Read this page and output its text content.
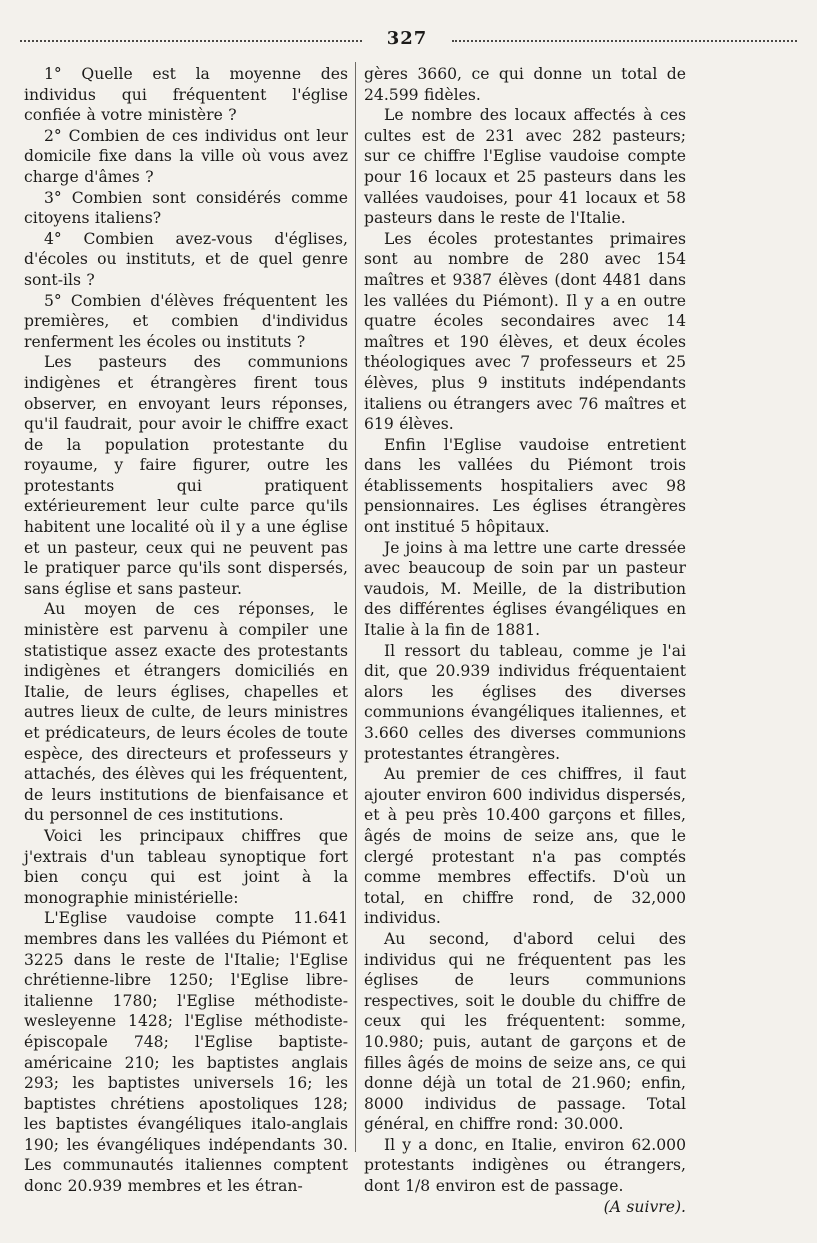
327

1° Quelle est la moyenne des individus qui fréquentent l'église confiée à votre ministère ?

2° Combien de ces individus ont leur domicile fixe dans la ville où vous avez charge d'âmes ?

3° Combien sont considérés comme citoyens italiens?

4° Combien avez-vous d'églises, d'écoles ou instituts, et de quel genre sont-ils ?

5° Combien d'élèves fréquentent les premières, et combien d'individus renferment les écoles ou instituts ?

Les pasteurs des communions indigènes et étrangères firent tous observer, en envoyant leurs réponses, qu'il faudrait, pour avoir le chiffre exact de la population protestante du royaume, y faire figurer, outre les protestants qui pratiquent extérieurement leur culte parce qu'ils habitent une localité où il y a une église et un pasteur, ceux qui ne peuvent pas le pratiquer parce qu'ils sont dispersés, sans église et sans pasteur.

Au moyen de ces réponses, le ministère est parvenu à compiler une statistique assez exacte des protestants indigènes et étrangers domiciliés en Italie, de leurs églises, chapelles et autres lieux de culte, de leurs ministres et prédicateurs, de leurs écoles de toute espèce, des directeurs et professeurs y attachés, des élèves qui les fréquentent, de leurs institutions de bienfaisance et du personnel de ces institutions.

Voici les principaux chiffres que j'extrais d'un tableau synoptique fort bien conçu qui est joint à la monographie ministérielle:

L'Eglise vaudoise compte 11.641 membres dans les vallées du Piémont et 3225 dans le reste de l'Italie; l'Eglise chrétienne-libre 1250; l'Eglise libre-italienne 1780; l'Eglise méthodiste-wesleyenne 1428; l'Eglise méthodiste-épiscopale 748; l'Eglise baptiste-américaine 210; les baptistes anglais 293; les baptistes universels 16; les baptistes chrétiens apostoliques 128; les baptistes évangéliques italo-anglais 190; les évangéliques indépendants 30. Les communautés italiennes comptent donc 20.939 membres et les étran-

gères 3660, ce qui donne un total de 24.599 fidèles.

Le nombre des locaux affectés à ces cultes est de 231 avec 282 pasteurs; sur ce chiffre l'Eglise vaudoise compte pour 16 locaux et 25 pasteurs dans les vallées vaudoises, pour 41 locaux et 58 pasteurs dans le reste de l'Italie.

Les écoles protestantes primaires sont au nombre de 280 avec 154 maîtres et 9387 élèves (dont 4481 dans les vallées du Piémont). Il y a en outre quatre écoles secondaires avec 14 maîtres et 190 élèves, et deux écoles théologiques avec 7 professeurs et 25 élèves, plus 9 instituts indépendants italiens ou étrangers avec 76 maîtres et 619 élèves.

Enfin l'Eglise vaudoise entretient dans les vallées du Piémont trois établissements hospitaliers avec 98 pensionnaires. Les églises étrangères ont institué 5 hôpitaux.

Je joins à ma lettre une carte dressée avec beaucoup de soin par un pasteur vaudois, M. Meille, de la distribution des différentes églises évangéliques en Italie à la fin de 1881.

Il ressort du tableau, comme je l'ai dit, que 20.939 individus fréquentaient alors les églises des diverses communions évangéliques italiennes, et 3.660 celles des diverses communions protestantes étrangères.

Au premier de ces chiffres, il faut ajouter environ 600 individus dispersés, et à peu près 10.400 garçons et filles, âgés de moins de seize ans, que le clergé protestant n'a pas comptés comme membres effectifs. D'où un total, en chiffre rond, de 32,000 individus.

Au second, d'abord celui des individus qui ne fréquentent pas les églises de leurs communions respectives, soit le double du chiffre de ceux qui les fréquentent: somme, 10.980; puis, autant de garçons et de filles âgés de moins de seize ans, ce qui donne déjà un total de 21.960; enfin, 8000 individus de passage. Total général, en chiffre rond: 30.000.

Il y a donc, en Italie, environ 62.000 protestants indigènes ou étrangers, dont 1/8 environ est de passage.

(A suivre).
